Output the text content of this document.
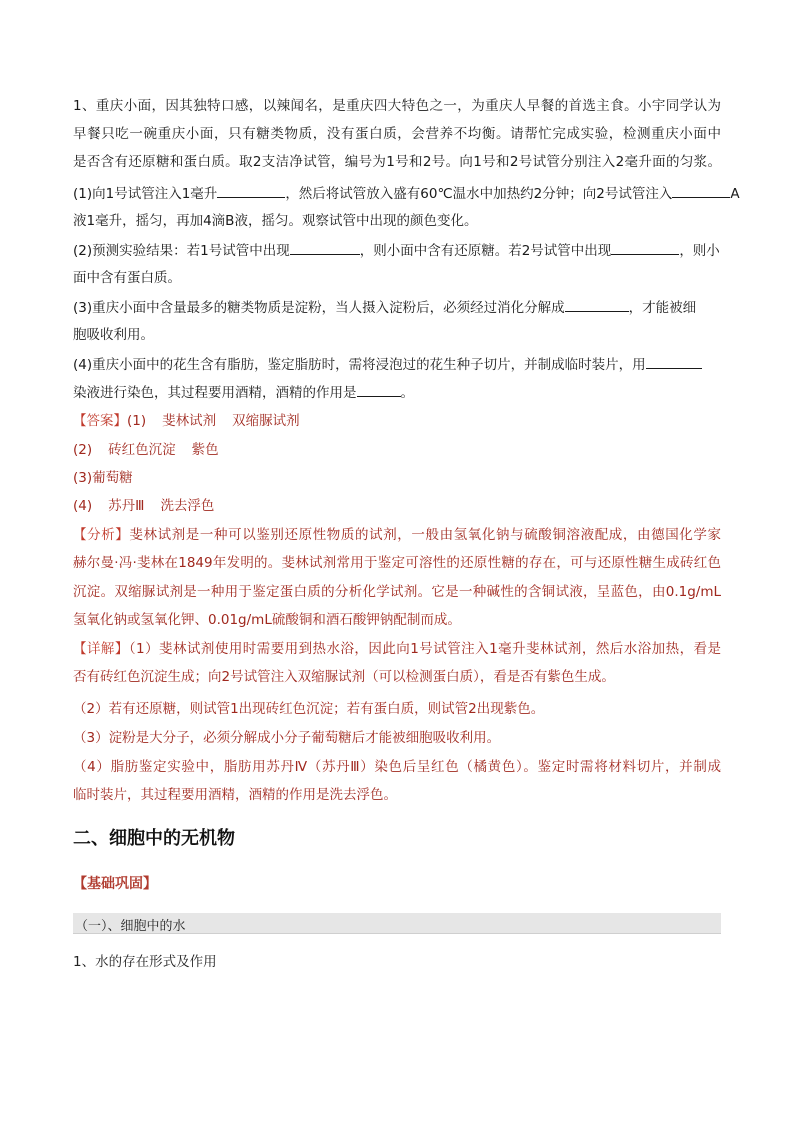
1、重庆小面，因其独特口感，以辣闻名，是重庆四大特色之一，为重庆人早餐的首选主食。小宇同学认为
早餐只吃一碗重庆小面，只有糖类物质，没有蛋白质，会营养不均衡。请帮忙完成实验，检测重庆小面中
是否含有还原糖和蛋白质。取2支洁净试管，编号为1号和2号。向1号和2号试管分别注入2毫升面的匀浆。
(1)向1号试管注入1毫升	，然后将试管放入盛有60℃温水中加热约2分钟；向2号试管注入	A
液1毫升，摇匀，再加4滴B液，摇匀。观察试管中出现的颜色变化。
(2)预测实验结果：若1号试管中出现	，则小面中含有还原糖。若2号试管中出现	，则小
面中含有蛋白质。
(3)重庆小面中含量最多的糖类物质是淀粉，当人摄入淀粉后，必须经过消化分解成	，才能被细
胞吸收利用。
(4)重庆小面中的花生含有脂肪，鉴定脂肪时，需将浸泡过的花生种子切片，并制成临时装片，用
染液进行染色，其过程要用酒精，酒精的作用是	。
【答案】(1) 斐林试剂 双缩脲试剂
(2) 砖红色沉淀 紫色
(3)葡萄糖
(4) 苏丹Ⅲ 洗去浮色
【分析】斐林试剂是一种可以鉴别还原性物质的试剂，一般由氢氧化钠与硫酸铜溶液配成，由德国化学家
赫尔曼·冯·斐林在1849年发明的。斐林试剂常用于鉴定可溶性的还原性糖的存在，可与还原性糖生成砖红色
沉淀。双缩脲试剂是一种用于鉴定蛋白质的分析化学试剂。它是一种碱性的含铜试液，呈蓝色，由0.1g/mL
氢氧化钠或氢氧化钾、0.01g/mL硫酸铜和酒石酸钾钠配制而成。
【详解】（1）斐林试剂使用时需要用到热水浴，因此向1号试管注入1毫升斐林试剂，然后水浴加热，看是
否有砖红色沉淀生成；向2号试管注入双缩脲试剂（可以检测蛋白质），看是否有紫色生成。
（2）若有还原糖，则试管1出现砖红色沉淀；若有蛋白质，则试管2出现紫色。
（3）淀粉是大分子，必须分解成小分子葡萄糖后才能被细胞吸收利用。
（4）脂肪鉴定实验中，脂肪用苏丹Ⅳ（苏丹Ⅲ）染色后呈红色（橘黄色）。鉴定时需将材料切片，并制成
临时装片，其过程要用酒精，酒精的作用是洗去浮色。
二、细胞中的无机物
【基础巩固】
（一）、细胞中的水
1、水的存在形式及作用
